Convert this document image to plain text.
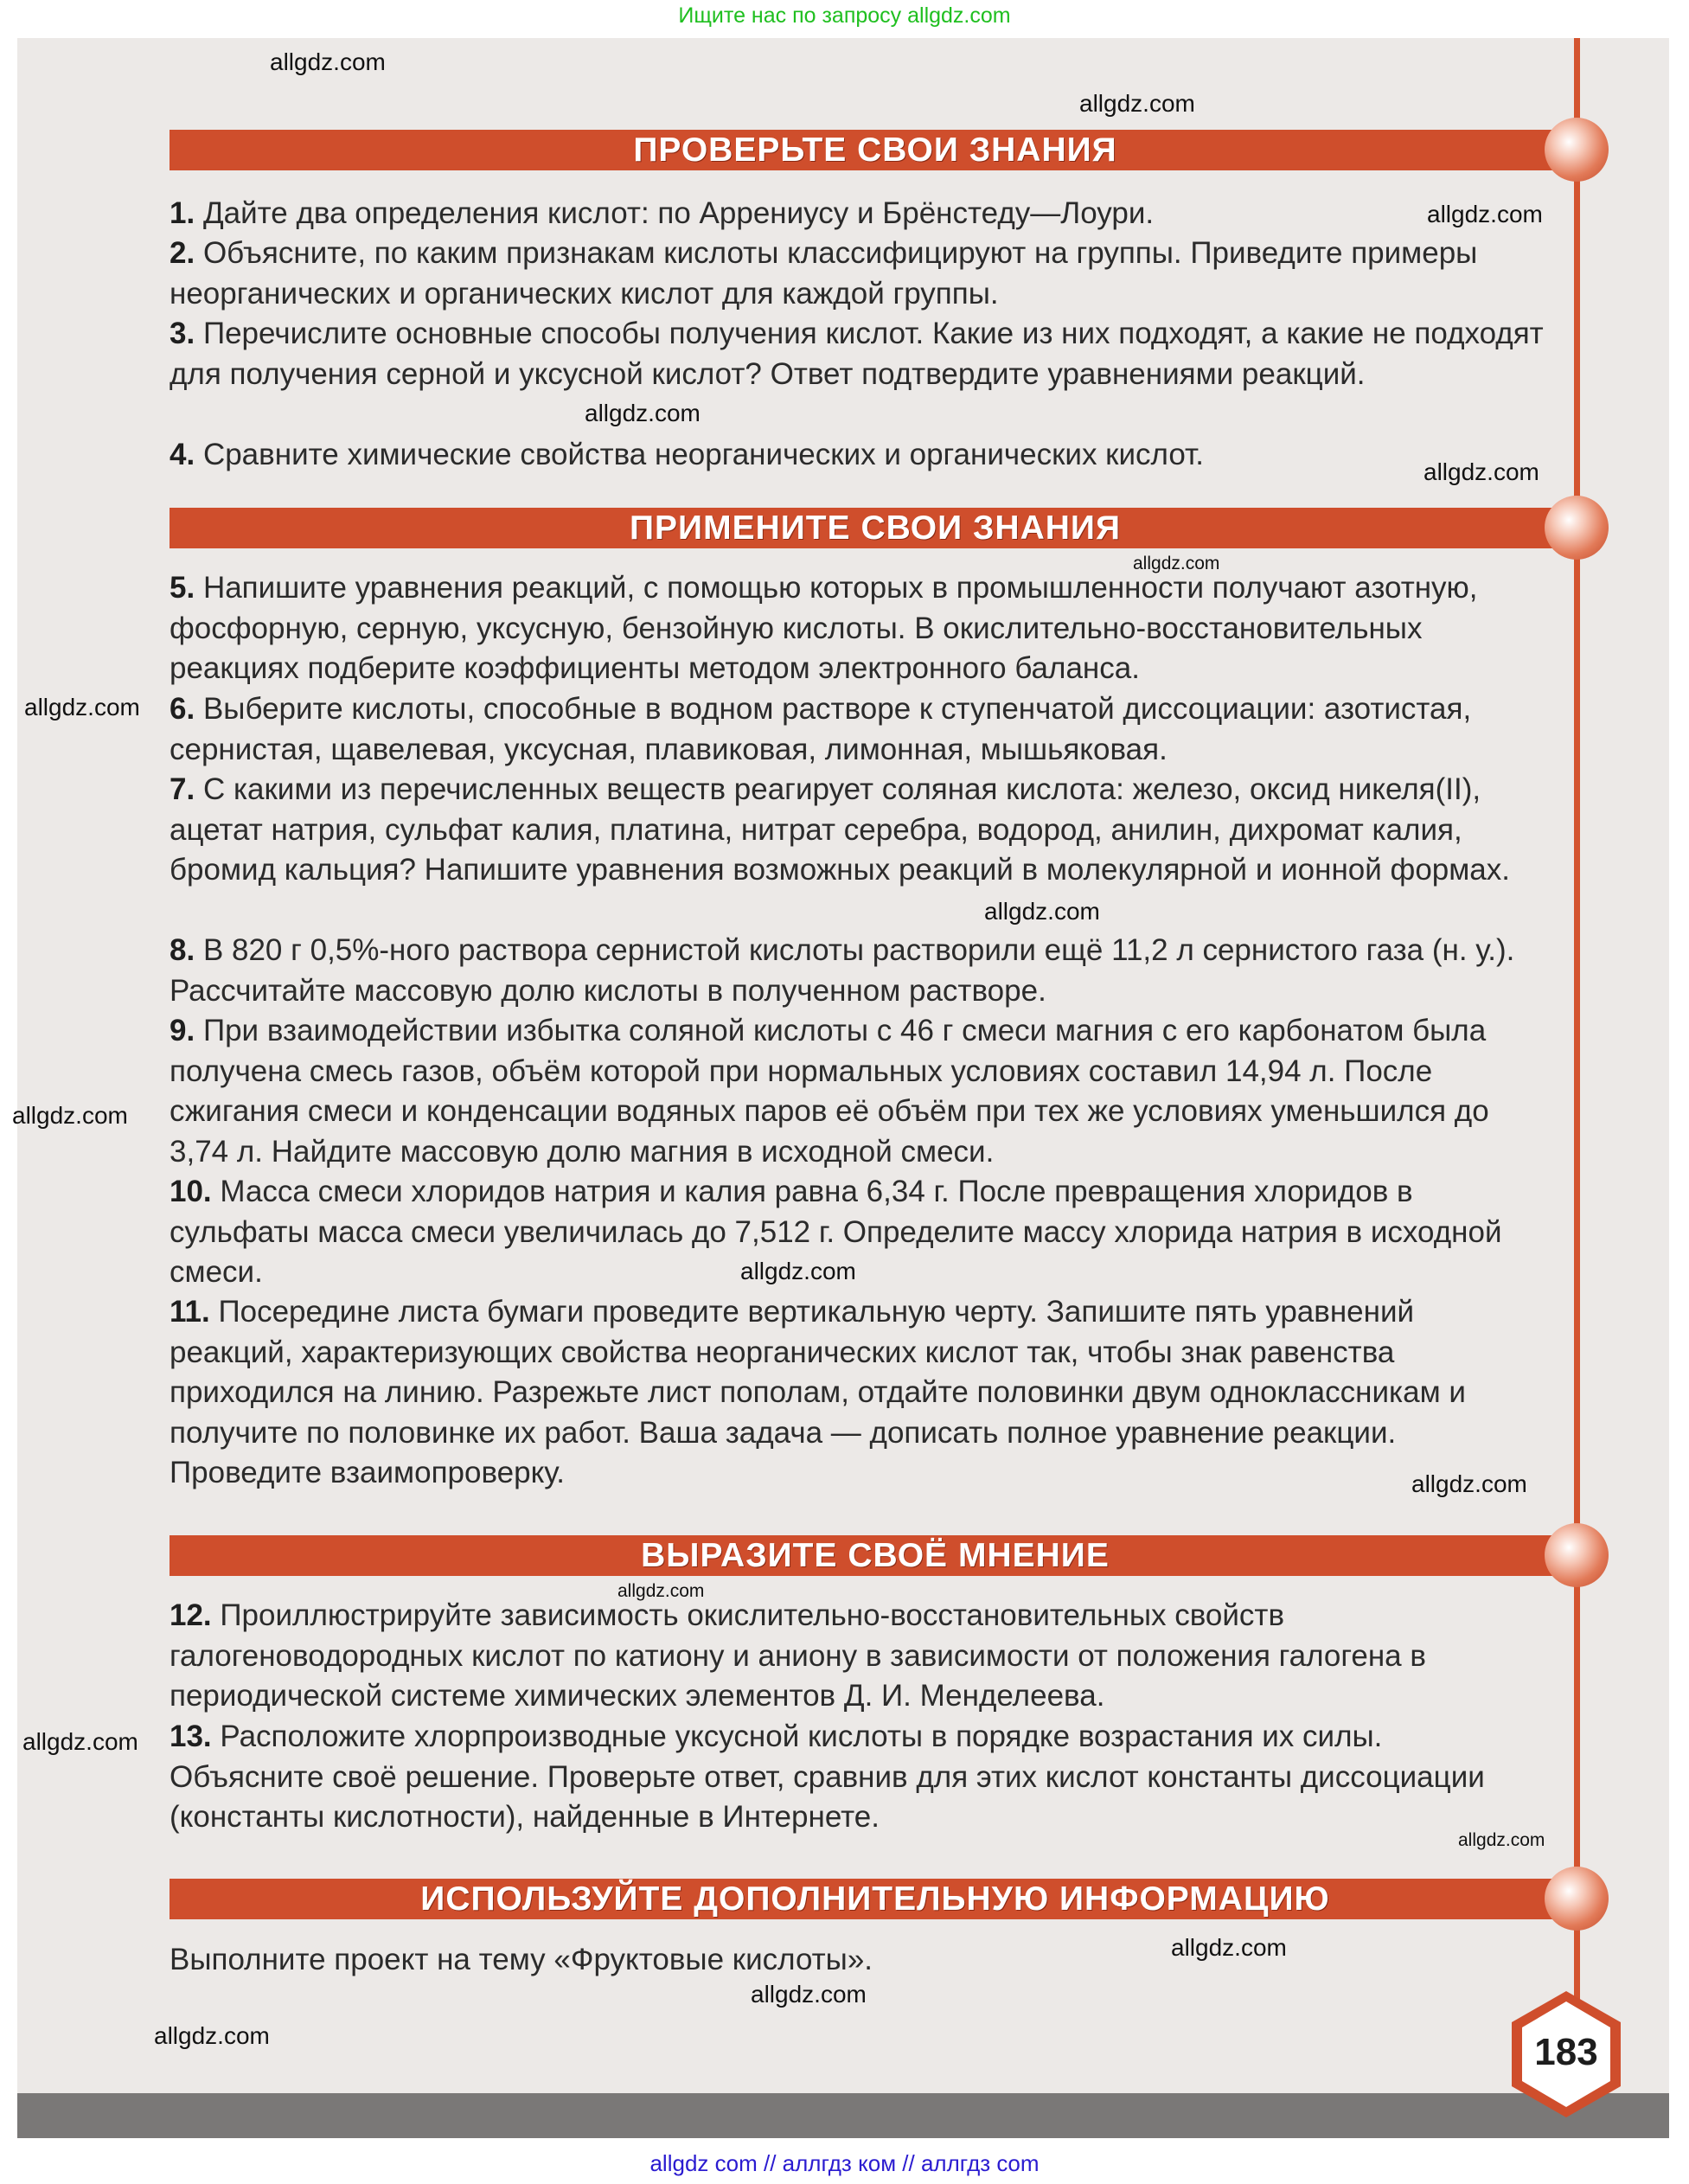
Ищите нас по запросу allgdz.com
ПРОВЕРЬТЕ СВОИ ЗНАНИЯ
1. Дайте два определения кислот: по Аррениусу и Брёнстеду—Лоури.
2. Объясните, по каким признакам кислоты классифицируют на группы. Приведите примеры неорганических и органических кислот для каждой группы.
3. Перечислите основные способы получения кислот. Какие из них подходят, а какие не подходят для получения серной и уксусной кислот? Ответ подтвердите уравнениями реакций.
4. Сравните химические свойства неорганических и органических кислот.
ПРИМЕНИТЕ СВОИ ЗНАНИЯ
5. Напишите уравнения реакций, с помощью которых в промышленности получают азотную, фосфорную, серную, уксусную, бензойную кислоты. В окислительно-восстановительных реакциях подберите коэффициенты методом электронного баланса.
6. Выберите кислоты, способные в водном растворе к ступенчатой диссоциации: азотистая, сернистая, щавелевая, уксусная, плавиковая, лимонная, мышьяковая.
7. С какими из перечисленных веществ реагирует соляная кислота: железо, оксид никеля(II), ацетат натрия, сульфат калия, платина, нитрат серебра, водород, анилин, дихромат калия, бромид кальция? Напишите уравнения возможных реакций в молекулярной и ионной формах.
8. В 820 г 0,5%-ного раствора сернистой кислоты растворили ещё 11,2 л сернистого газа (н. у.). Рассчитайте массовую долю кислоты в полученном растворе.
9. При взаимодействии избытка соляной кислоты с 46 г смеси магния с его карбонатом была получена смесь газов, объём которой при нормальных условиях составил 14,94 л. После сжигания смеси и конденсации водяных паров её объём при тех же условиях уменьшился до 3,74 л. Найдите массовую долю магния в исходной смеси.
10. Масса смеси хлоридов натрия и калия равна 6,34 г. После превращения хлоридов в сульфаты масса смеси увеличилась до 7,512 г. Определите массу хлорида натрия в исходной смеси.
11. Посередине листа бумаги проведите вертикальную черту. Запишите пять уравнений реакций, характеризующих свойства неорганических кислот так, чтобы знак равенства приходился на линию. Разрежьте лист пополам, отдайте половинки двум одноклассникам и получите по половинке их работ. Ваша задача — дописать полное уравнение реакции. Проведите взаимопроверку.
ВЫРАЗИТЕ СВОЁ МНЕНИЕ
12. Проиллюстрируйте зависимость окислительно-восстановительных свойств галогеноводородных кислот по катиону и аниону в зависимости от положения галогена в периодической системе химических элементов Д. И. Менделеева.
13. Расположите хлорпроизводные уксусной кислоты в порядке возрастания их силы. Объясните своё решение. Проверьте ответ, сравнив для этих кислот константы диссоциации (константы кислотности), найденные в Интернете.
ИСПОЛЬЗУЙТЕ ДОПОЛНИТЕЛЬНУЮ ИНФОРМАЦИЮ
Выполните проект на тему «Фруктовые кислоты».
183
allgdz.com
allgdz.com
allgdz.com
allgdz.com
allgdz.com
allgdz.com
allgdz.com
allgdz.com
allgdz.com
allgdz.com
allgdz.com
allgdz.com
allgdz.com
allgdz.com
allgdz.com
allgdz.com
allgdz.com
allgdz com // аллгдз ком // аллгдз com
